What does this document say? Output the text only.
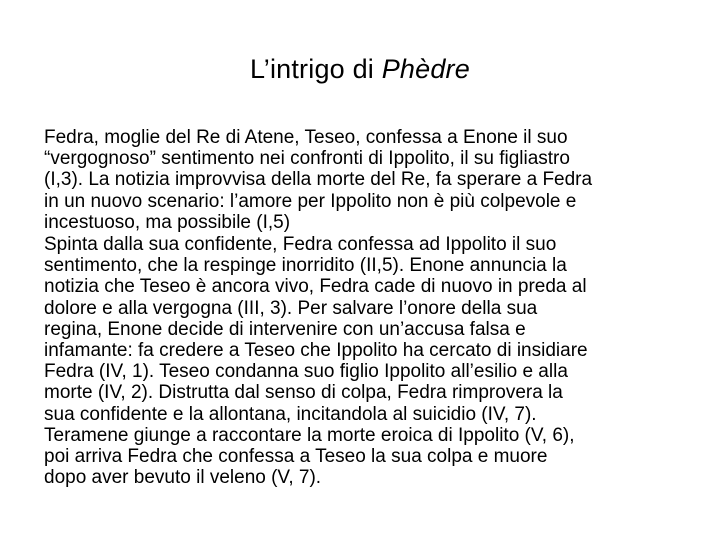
L’intrigo di Phèdre
Fedra, moglie del Re di Atene, Teseo, confessa a Enone il suo
“vergognoso” sentimento nei confronti di Ippolito, il su figliastro
(I,3). La notizia improvvisa della morte del Re, fa sperare a Fedra
in un nuovo scenario: l’amore per Ippolito non è più colpevole e
incestuoso, ma possibile (I,5)
Spinta dalla sua confidente, Fedra confessa ad Ippolito il suo
sentimento, che la respinge inorridito (II,5). Enone annuncia la
notizia che Teseo è ancora vivo, Fedra cade di nuovo in preda al
dolore e alla vergogna (III, 3). Per salvare l’onore della sua
regina, Enone decide di intervenire con un’accusa falsa e
infamante: fa credere a Teseo che Ippolito ha cercato di insidiare
Fedra (IV, 1). Teseo condanna suo figlio Ippolito all’esilio e alla
morte (IV, 2). Distrutta dal senso di colpa, Fedra rimprovera la
sua confidente e la allontana, incitandola al suicidio (IV, 7).
Teramene giunge a raccontare la morte eroica di Ippolito (V, 6),
poi arriva Fedra che confessa a Teseo la sua colpa e muore
dopo aver bevuto il veleno (V, 7).
